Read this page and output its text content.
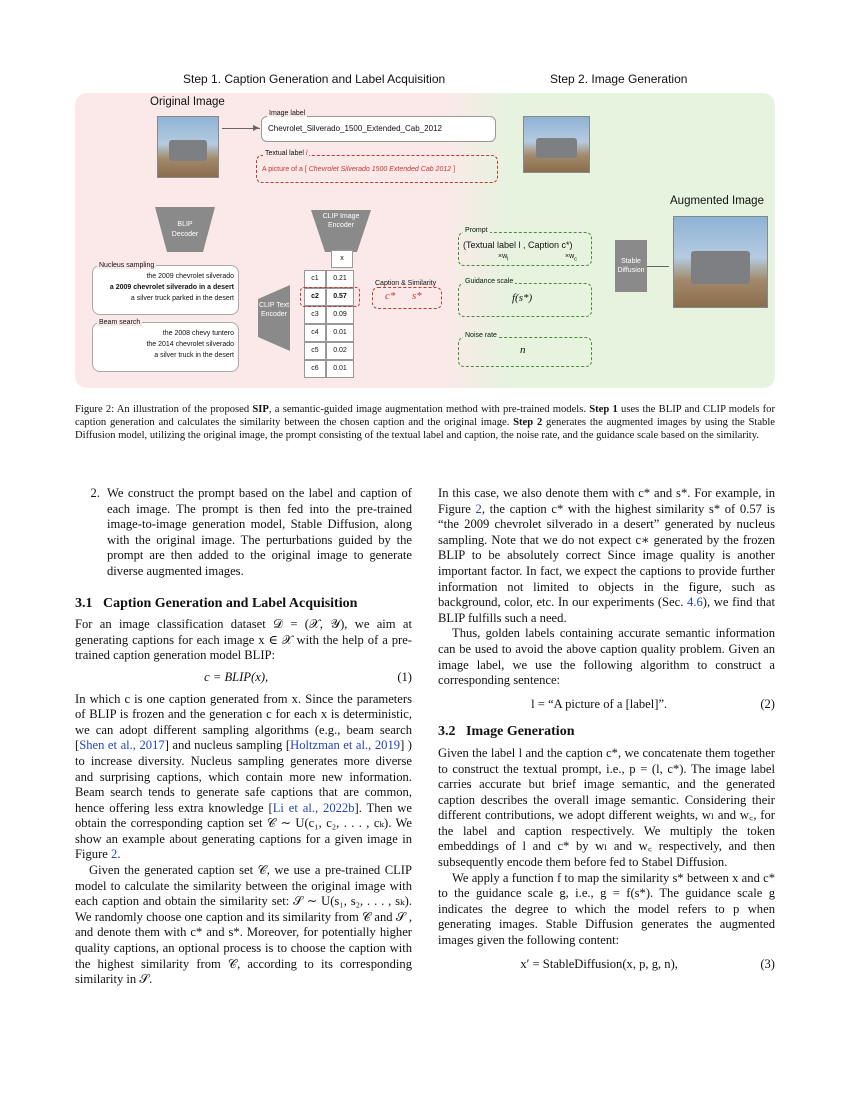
Step 1. Caption Generation and Label Acquisition	Step 2. Image Generation
Original Image
▶
Image label
Chevrolet_Silverado_1500_Extended_Cab_2012
Textual label l
A picture of a [ Chevrolet Silverado 1500 Extended Cab 2012 ]
BLIP Decoder
CLIP Image Encoder
Nucleus sampling
the 2009 chevrolet silverado
a 2009 chevrolet silverado in a desert
a silver truck parked in the desert
Beam search
the 2008 chevy tuntero
the 2014 chevrolet silverado
a silver truck in the desert
CLIP Text Encoder
x
c1	0.21
c2	0.57
c3	0.09
c4	0.01
c5	0.02
c6	0.01
Caption & Similarity
c* s*
Prompt
(Textual label l , Caption c*)
$\times w_l$	$\times w_c$
Guidance scale
f(s*)
Noise rate
n
Stable Diffusion
Augmented Image
Figure 2: An illustration of the proposed SIP, a semantic-guided image augmentation method with pre-trained models. Step 1 uses the BLIP and CLIP models for caption generation and calculates the similarity between the chosen caption and the original image. Step 2 generates the augmented images by using the Stable Diffusion model, utilizing the original image, the prompt consisting of the textual label and caption, the noise rate, and the guidance scale based on the similarity.
2. We construct the prompt based on the label and caption of each image. The prompt is then fed into the pre-trained image-to-image generation model, Stable Diffusion, along with the original image. The perturbations guided by the prompt are then added to the original image to generate diverse augmented images.

3.1 Caption Generation and Label Acquisition

For an image classification dataset 𝒟 = (𝒳, 𝒴), we aim at generating captions for each image x ∈ 𝒳 with the help of a pre-trained caption generation model BLIP:

c = BLIP(x),	(1)

In which c is one caption generated from x. Since the parameters of BLIP is frozen and the generation c for each x is deterministic, we can adopt different sampling algorithms (e.g., beam search [Shen et al., 2017] and nucleus sampling [Holtzman et al., 2019] ) to increase diversity. Nucleus sampling generates more diverse and surprising captions, which contain more new information. Beam search tends to generate safe captions that are common, hence offering less extra knowledge [Li et al., 2022b]. Then we obtain the corresponding caption set 𝒞 ∼ U(c₁, c₂, . . . , cₖ). We show an example about generating captions for a given image in Figure 2.

Given the generated caption set 𝒞, we use a pre-trained CLIP model to calculate the similarity between the original image with each caption and obtain the similarity set: 𝒮 ∼ U(s₁, s₂, . . . , sₖ). We randomly choose one caption and its similarity from 𝒞 and 𝒮 , and denote them with c* and s*. Moreover, for potentially higher quality captions, an optional process is to choose the caption with the highest similarity from 𝒞, according to its corresponding similarity in 𝒮.

In this case, we also denote them with c* and s*. For example, in Figure 2, the caption c* with the highest similarity s* of 0.57 is “the 2009 chevrolet silverado in a desert” generated by nucleus sampling. Note that we do not expect c∗ generated by the frozen BLIP to be absolutely correct Since image quality is another important factor. In fact, we expect the captions to provide further information not limited to objects in the figure, such as background, color, etc. In our experiments (Sec. 4.6), we find that BLIP fulfills such a need.

Thus, golden labels containing accurate semantic information can be used to avoid the above caption quality problem. Given an image label, we use the following algorithm to construct a corresponding sentence:

l = “A picture of a [label]”.	(2)
3.2 Image Generation

Given the label l and the caption c*, we concatenate them together to construct the textual prompt, i.e., p = (l, c*). The image label carries accurate but brief image semantic, and the generated caption describes the overall image semantic. Considering their different contributions, we adopt different weights, wₗ and w꜀, for the label and caption respectively. We multiply the token embeddings of l and c* by wₗ and w꜀ respectively, and then subsequently encode them before fed to Stabel Diffusion.

We apply a function f to map the similarity s* between x and c* to the guidance scale g, i.e., g = f(s*). The guidance scale g indicates the degree to which the model refers to p when generating images. Stable Diffusion generates the augmented images given the following content:

x′ = StableDiffusion(x, p, g, n),	(3)
